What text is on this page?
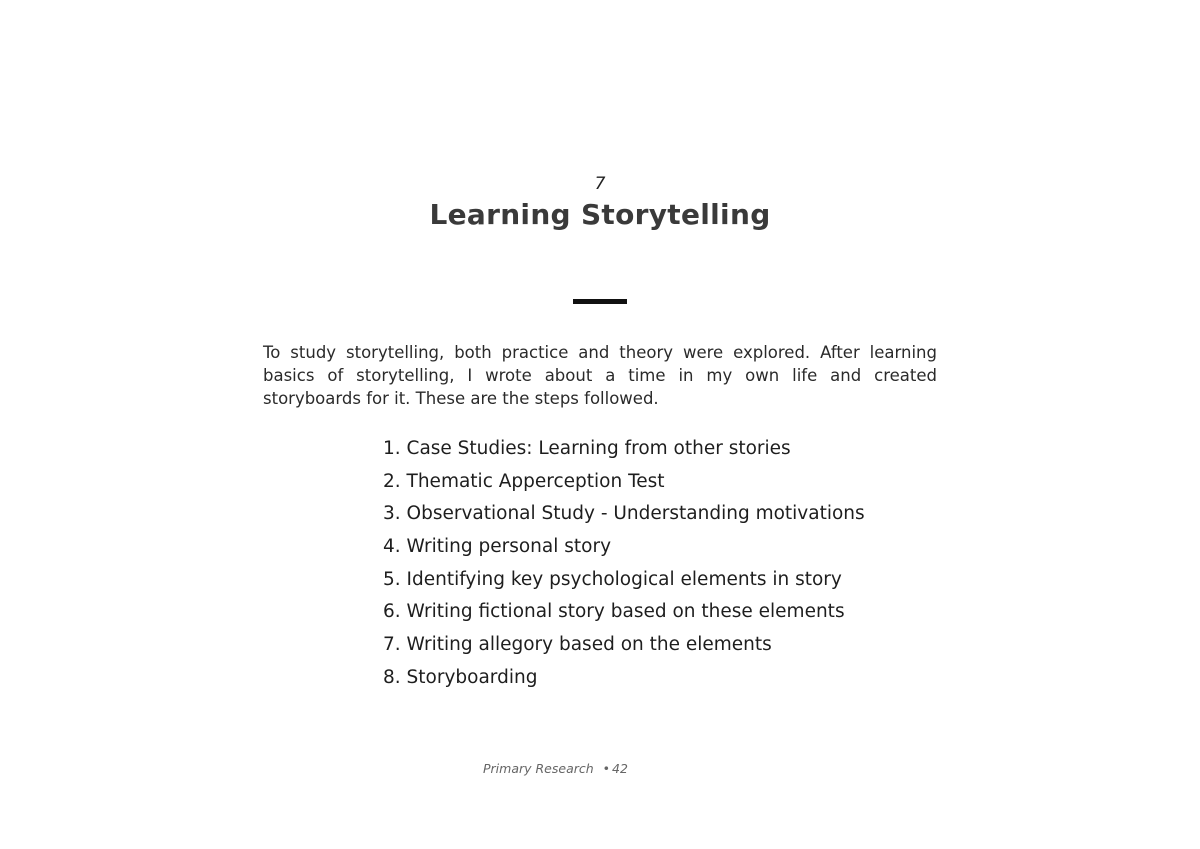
7
Learning Storytelling

To study storytelling, both practice and theory were explored. After learning basics of storytelling, I wrote about a time in my own life and created storyboards for it. These are the steps followed.

1. Case Studies: Learning from other stories
2. Thematic Apperception Test
3. Observational Study - Understanding motivations
4. Writing personal story
5. Identifying key psychological elements in story
6. Writing fictional story based on these elements
7. Writing allegory based on the elements
8. Storyboarding
Primary Research • 42
